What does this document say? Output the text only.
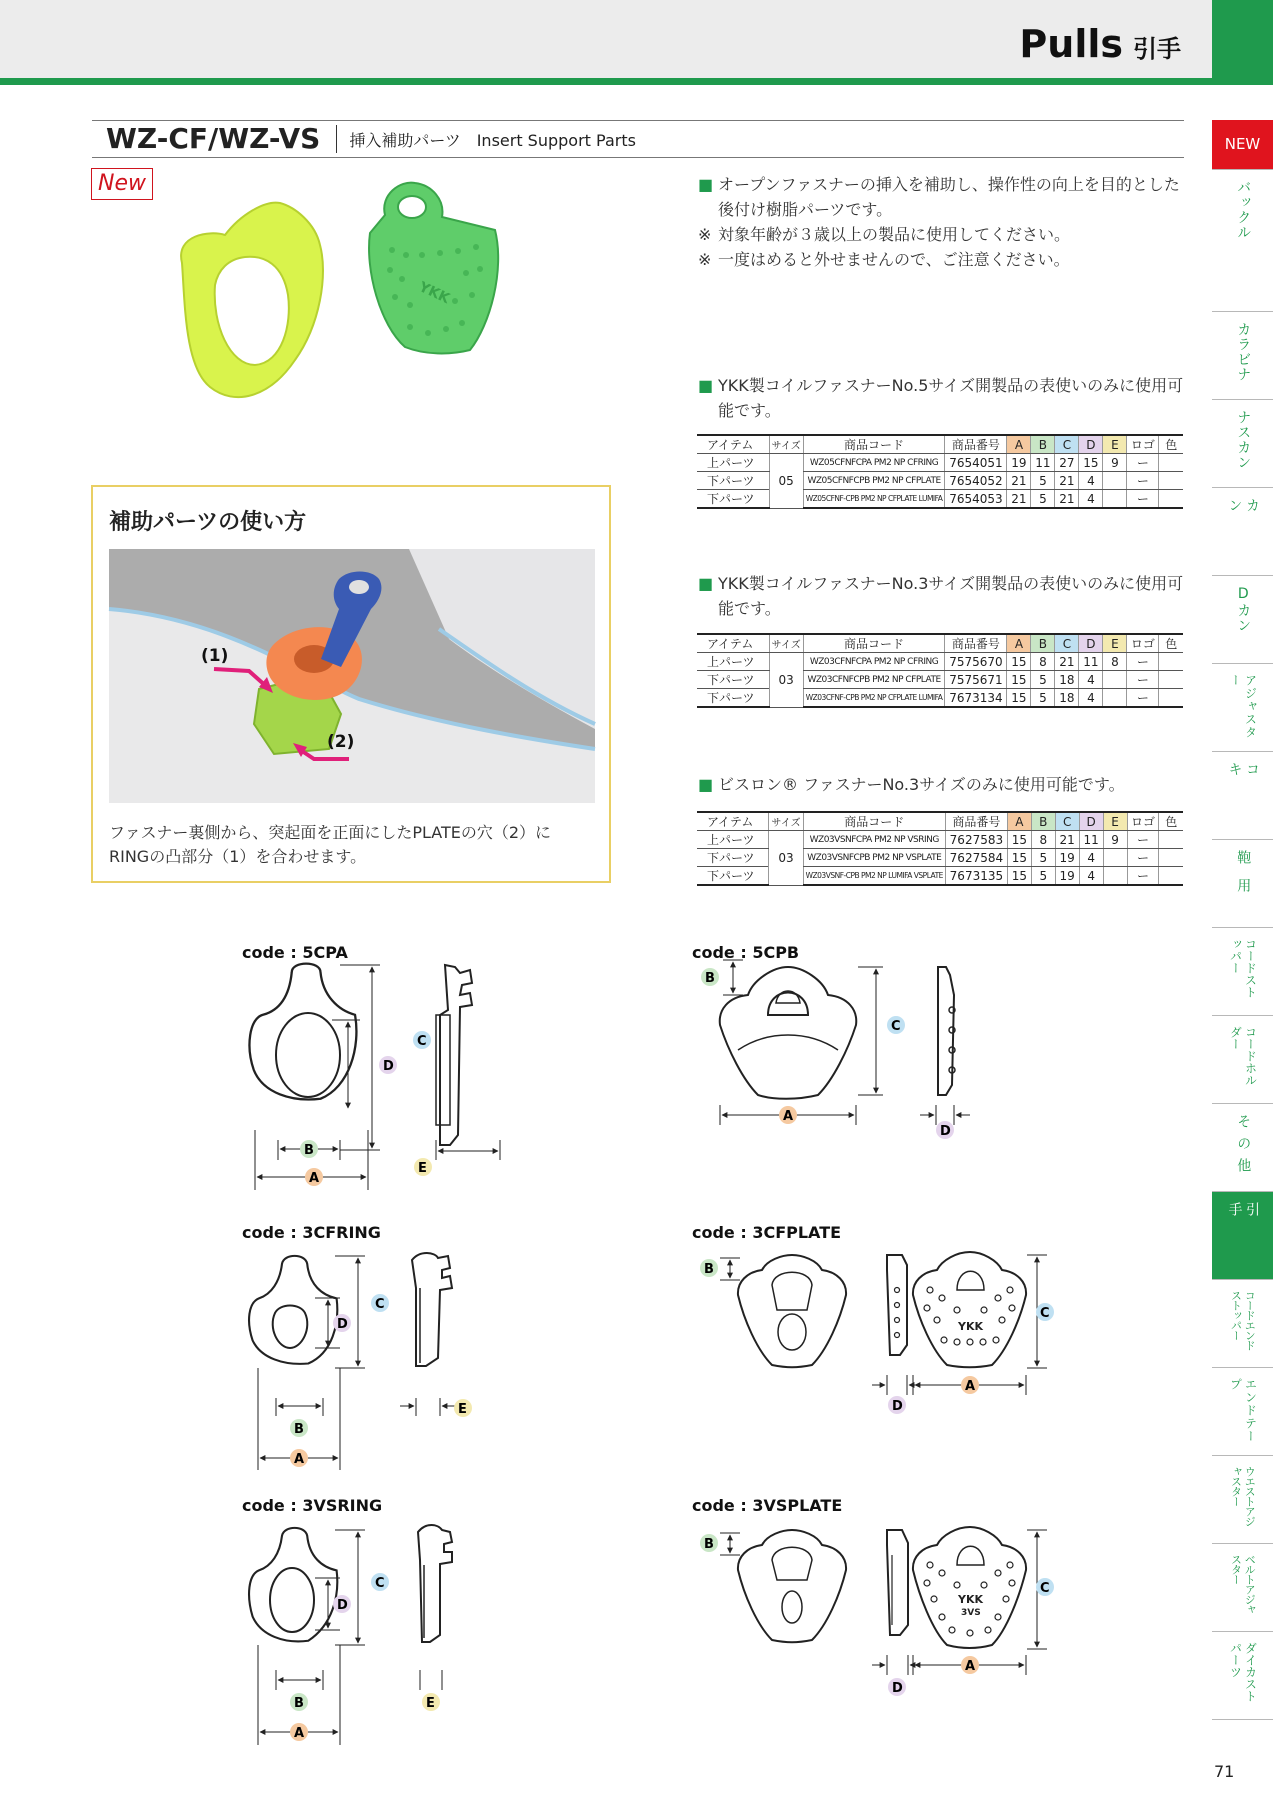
Pulls 引手
NEW
バックル
カラビナ
ナスカン
カン
Dカン
アジャスター
コキ
鞄用
コードストッパー
コードホルダー
その他
引手
コードエンドストッパー
エンドテープ
ウエストアジャスター
ベルトアジャスター
ダイカストパーツ
71
WZ-CF/WZ-VS	挿入補助パーツ　Insert Support Parts
New
YKK
補助パーツの使い方
(1)
(2)
ファスナー裏側から、突起面を正面にしたPLATEの穴（2）に
RINGの凸部分（1）を合わせます。
■ オープンファスナーの挿入を補助し、操作性の向上を目的とした後付け樹脂パーツです。
※ 対象年齢が３歳以上の製品に使用してください。
※ 一度はめると外せませんので、ご注意ください。
■ YKK製コイルファスナーNo.5サイズ開製品の表使いのみに使用可能です。
アイテム	サイズ	商品コード	商品番号	A	B	C	D	E	ロゴ	色
上パーツ	05	WZ05CFNFCPA PM2 NP CFRING	7654051	19	11	27	15	9	ー	
下パーツ		WZ05CFNFCPB PM2 NP CFPLATE	7654052	21	5	21	4		ー	
下パーツ		WZ05CFNF-CPB PM2 NP CFPLATE LUMIFA	7654053	21	5	21	4		ー	
■ YKK製コイルファスナーNo.3サイズ開製品の表使いのみに使用可能です。
アイテム	サイズ	商品コード	商品番号	A	B	C	D	E	ロゴ	色
上パーツ	03	WZ03CFNFCPA PM2 NP CFRING	7575670	15	8	21	11	8	ー	
下パーツ		WZ03CFNFCPB PM2 NP CFPLATE	7575671	15	5	18	4		ー	
下パーツ		WZ03CFNF-CPB PM2 NP CFPLATE LUMIFA	7673134	15	5	18	4		ー	
■ ビスロン® ファスナーNo.3サイズのみに使用可能です。
アイテム	サイズ	商品コード	商品番号	A	B	C	D	E	ロゴ	色
上パーツ	03	WZ03VSNFCPA PM2 NP VSRING	7627583	15	8	21	11	9	ー	
下パーツ		WZ03VSNFCPB PM2 NP VSPLATE	7627584	15	5	19	4		ー	
下パーツ		WZ03VSNF-CPB PM2 NP LUMIFA VSPLATE	7673135	15	5	19	4		ー	
code : 5CPA
E
A
B
C
D
code : 5CPB
B
C
A
D
code : 3CFRING
C
D
A
B
E
code : 3CFPLATE
YKK
B
C
A
D
code : 3VSRING
C
D
A
B	E
code : 3VSPLATE
YKK
3VS
B
C
A
D
